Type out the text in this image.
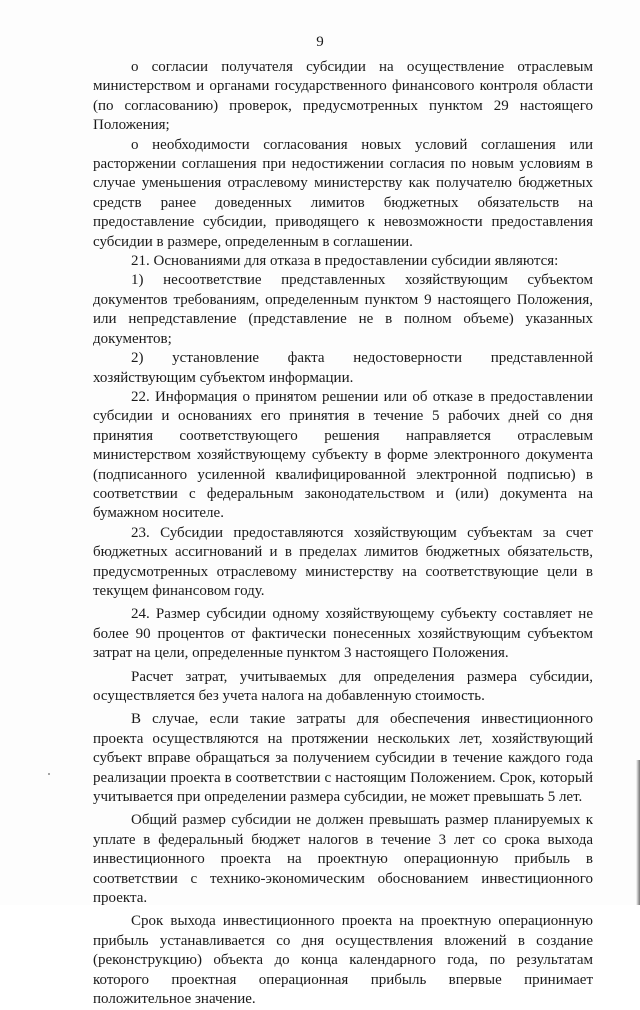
9

о согласии получателя субсидии на осуществление отраслевым министерством и органами государственного финансового контроля области (по согласованию) проверок, предусмотренных пунктом 29 настоящего Положения;

о необходимости согласования новых условий соглашения или расторжении соглашения при недостижении согласия по новым условиям в случае уменьшения отраслевому министерству как получателю бюджетных средств ранее доведенных лимитов бюджетных обязательств на предоставление субсидии, приводящего к невозможности предоставления субсидии в размере, определенным в соглашении.

21. Основаниями для отказа в предоставлении субсидии являются:

1) несоответствие представленных хозяйствующим субъектом документов требованиям, определенным пунктом 9 настоящего Положения, или непредставление (представление не в полном объеме) указанных документов;

2) установление факта недостоверности представленной хозяйствующим субъектом информации.

22. Информация о принятом решении или об отказе в предоставлении субсидии и основаниях его принятия в течение 5 рабочих дней со дня принятия соответствующего решения направляется отраслевым министерством хозяйствующему субъекту в форме электронного документа (подписанного усиленной квалифицированной электронной подписью) в соответствии с федеральным законодательством и (или) документа на бумажном носителе.

23. Субсидии предоставляются хозяйствующим субъектам за счет бюджетных ассигнований и в пределах лимитов бюджетных обязательств, предусмотренных отраслевому министерству на соответствующие цели в текущем финансовом году.

24. Размер субсидии одному хозяйствующему субъекту составляет не более 90 процентов от фактически понесенных хозяйствующим субъектом затрат на цели, определенные пунктом 3 настоящего Положения.

Расчет затрат, учитываемых для определения размера субсидии, осуществляется без учета налога на добавленную стоимость.

В случае, если такие затраты для обеспечения инвестиционного проекта осуществляются на протяжении нескольких лет, хозяйствующий субъект вправе обращаться за получением субсидии в течение каждого года реализации проекта в соответствии с настоящим Положением. Срок, который учитывается при определении размера субсидии, не может превышать 5 лет.

Общий размер субсидии не должен превышать размер планируемых к уплате в федеральный бюджет налогов в течение 3 лет со срока выхода инвестиционного проекта на проектную операционную прибыль в соответствии с технико-экономическим обоснованием инвестиционного проекта.

Срок выхода инвестиционного проекта на проектную операционную прибыль устанавливается со дня осуществления вложений в создание (реконструкцию) объекта до конца календарного года, по результатам которого проектная операционная прибыль впервые принимает положительное значение.
